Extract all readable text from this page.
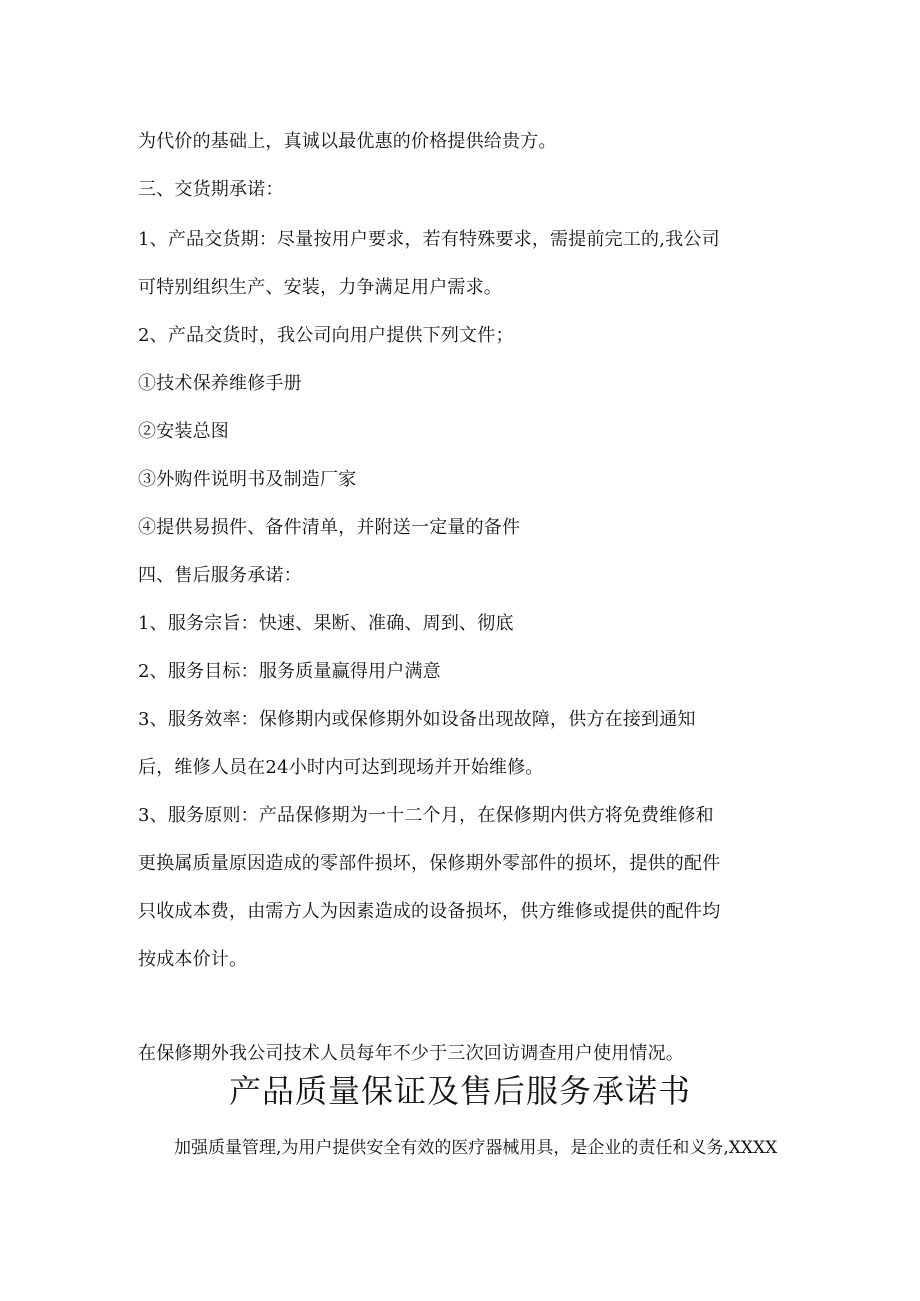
为代价的基础上，真诚以最优惠的价格提供给贵方。
三、交货期承诺：
1、产品交货期：尽量按用户要求，若有特殊要求，需提前完工的,我公司
可特别组织生产、安装，力争满足用户需求。
2、产品交货时，我公司向用户提供下列文件；
①技术保养维修手册
②安装总图
③外购件说明书及制造厂家
④提供易损件、备件清单，并附送一定量的备件
四、售后服务承诺：
1、服务宗旨：快速、果断、准确、周到、彻底
2、服务目标：服务质量赢得用户满意
3、服务效率：保修期内或保修期外如设备出现故障，供方在接到通知
后，维修人员在24小时内可达到现场并开始维修。
3、服务原则：产品保修期为一十二个月，在保修期内供方将免费维修和
更换属质量原因造成的零部件损坏，保修期外零部件的损坏，提供的配件
只收成本费，由需方人为因素造成的设备损坏，供方维修或提供的配件均
按成本价计。
在保修期外我公司技术人员每年不少于三次回访调查用户使用情况。
产品质量保证及售后服务承诺书
加强质量管理,为用户提供安全有效的医疗器械用具，是企业的责任和义务,XXXX
